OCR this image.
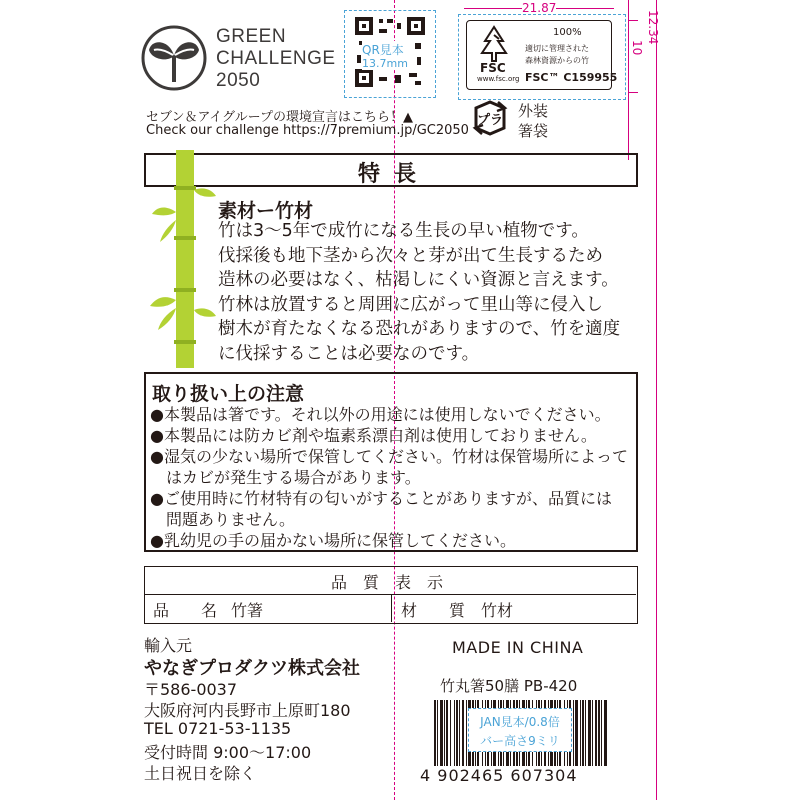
GREEN
CHALLENGE
2050
QR見本
13.7mm
21.87
FSC
www.fsc.org
100%
適切に管理された
森林資源からの竹
FSC™ C159955
12.34
10
プラ
外装
箸袋
セブン＆アイグループの環境宣言はこちら！▲
Check our challenge https://7premium.jp/GC2050
特長
素材ー竹材
竹は3〜5年で成竹になる生長の早い植物です。
伐採後も地下茎から次々と芽が出て生長するため
造林の必要はなく、枯渇しにくい資源と言えます。
竹林は放置すると周囲に広がって里山等に侵入し
樹木が育たなくなる恐れがありますので、竹を適度
に伐採することは必要なのです。
取り扱い上の注意
●本製品は箸です。それ以外の用途には使用しないでください。
●本製品には防カビ剤や塩素系漂白剤は使用しておりません。
●湿気の少ない場所で保管してください。竹材は保管場所によって
　はカビが発生する場合があります。
●ご使用時に竹材特有の匂いがすることがありますが、品質には
　問題ありません。
●乳幼児の手の届かない場所に保管してください。
品　質　表　示
品　　名 竹箸	材　　質 竹材
輸入元
やなぎプロダクツ株式会社
〒586-0037
大阪府河内長野市上原町180
TEL 0721-53-1135
受付時間 9:00〜17:00
土日祝日を除く
MADE IN CHINA
竹丸箸50膳 PB-420
JAN見本/0.8倍
バー高さ9ミリ
4 902465 607304
